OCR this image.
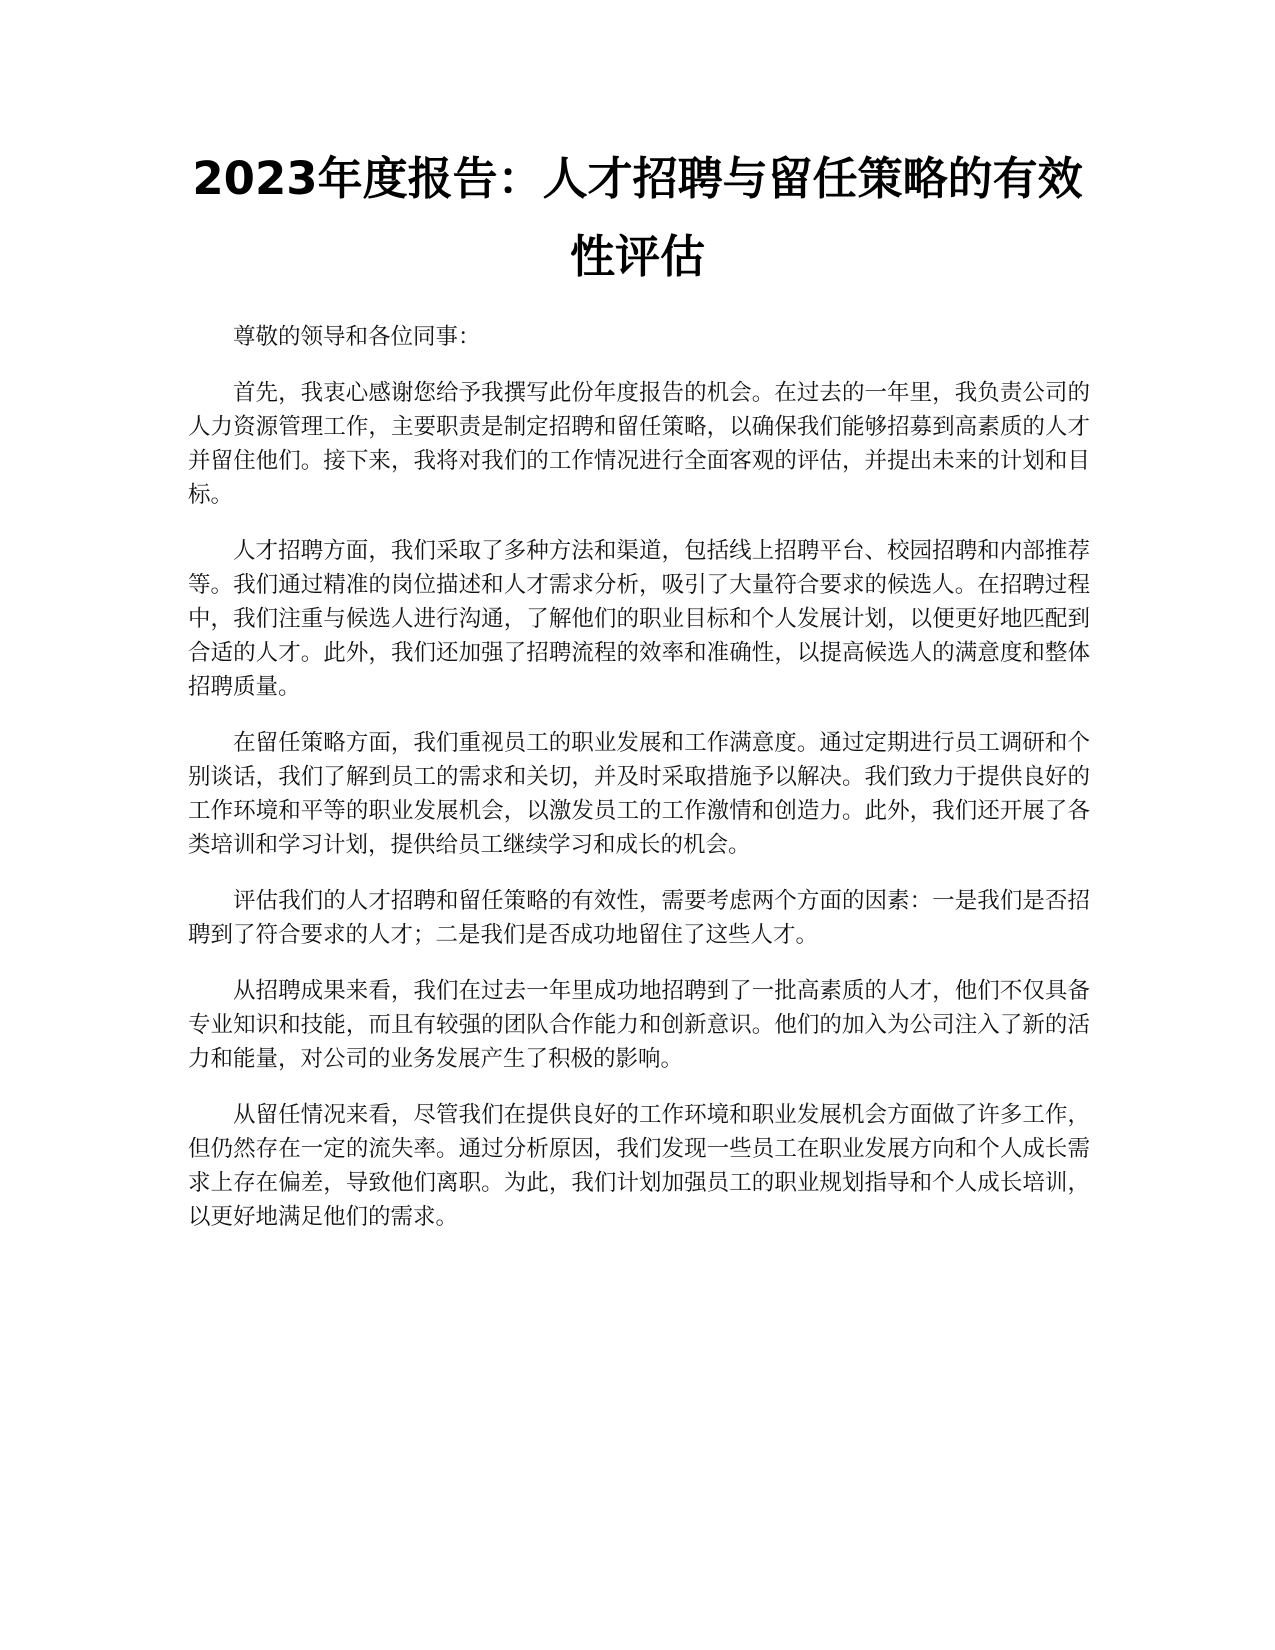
2023年度报告：人才招聘与留任策略的有效
性评估

尊敬的领导和各位同事：

首先，我衷心感谢您给予我撰写此份年度报告的机会。在过去的一年里，我负责公司的人力资源管理工作，主要职责是制定招聘和留任策略，以确保我们能够招募到高素质的人才并留住他们。接下来，我将对我们的工作情况进行全面客观的评估，并提出未来的计划和目标。

人才招聘方面，我们采取了多种方法和渠道，包括线上招聘平台、校园招聘和内部推荐等。我们通过精准的岗位描述和人才需求分析，吸引了大量符合要求的候选人。在招聘过程中，我们注重与候选人进行沟通，了解他们的职业目标和个人发展计划，以便更好地匹配到合适的人才。此外，我们还加强了招聘流程的效率和准确性，以提高候选人的满意度和整体招聘质量。

在留任策略方面，我们重视员工的职业发展和工作满意度。通过定期进行员工调研和个别谈话，我们了解到员工的需求和关切，并及时采取措施予以解决。我们致力于提供良好的工作环境和平等的职业发展机会，以激发员工的工作激情和创造力。此外，我们还开展了各类培训和学习计划，提供给员工继续学习和成长的机会。

评估我们的人才招聘和留任策略的有效性，需要考虑两个方面的因素：一是我们是否招聘到了符合要求的人才；二是我们是否成功地留住了这些人才。

从招聘成果来看，我们在过去一年里成功地招聘到了一批高素质的人才，他们不仅具备专业知识和技能，而且有较强的团队合作能力和创新意识。他们的加入为公司注入了新的活力和能量，对公司的业务发展产生了积极的影响。

从留任情况来看，尽管我们在提供良好的工作环境和职业发展机会方面做了许多工作，但仍然存在一定的流失率。通过分析原因，我们发现一些员工在职业发展方向和个人成长需求上存在偏差，导致他们离职。为此，我们计划加强员工的职业规划指导和个人成长培训，以更好地满足他们的需求。
